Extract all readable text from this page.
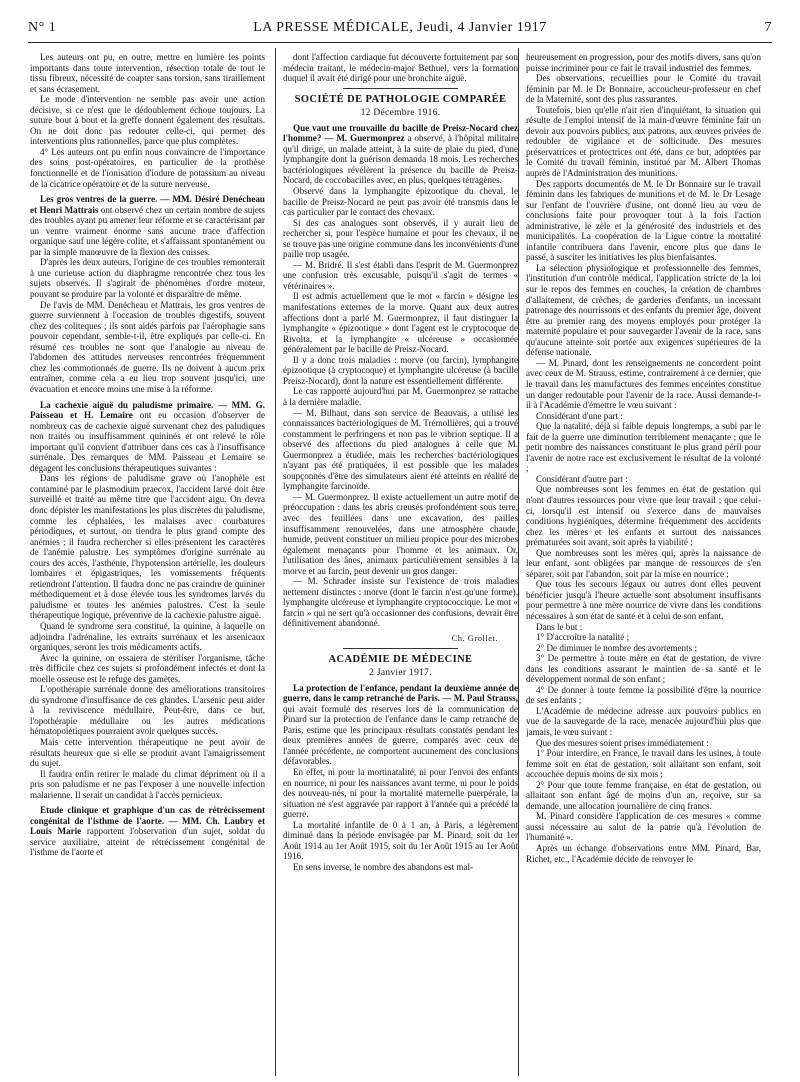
N° 1	LA PRESSE MÉDICALE, Jeudi, 4 Janvier 1917	7

Les auteurs ont pu, en outre, mettre en lumière les points importants dans toute intervention, résection totale de tout le tissu fibreux, nécessité de coapter sans torsion, sans tiraillement et sans écrasement.

Le mode d'intervention ne semble pas avoir une action décisive, si ce n'est que le dédoublement échoue toujours. La suture bout à bout et la greffe donnent également des résultats. On ne doit donc pas redouter celle-ci, qui permet des interventions plus rationnelles, parce que plus complètes.

4° Les auteurs ont pu enfin nous convaincre de l'importance des soins post-opératoires, en particulier de la prothèse fonctionnelle et de l'ionisation d'iodure de potassium au niveau de la cicatrice opératoire et de la suture nerveuse.

Les gros ventres de la guerre. — MM. Désiré Denécheau et Henri Mattrais ont observé chez un certain nombre de sujets des troubles ayant pu amener leur réforme et se caractérisant par un ventre vraiment énorme sans aucune trace d'affection organique sauf une légère colite, et s'affaissant spontanément ou par la simple manœuvre de la flexion des cuisses.

D'après les deux auteurs, l'origine de ces troubles remonterait à une curieuse action du diaphragme rencontrée chez tous les sujets observés. Il s'agirait de phénomènes d'ordre moteur, pouvant se produire par la volonté et disparaître de même.

De l'avis de MM. Denécheau et Mattrais, les gros ventres de guerre surviennent à l'occasion de troubles digestifs, souvent chez des coliteques ; ils sont aidés parfois par l'aérophagie sans pouvoir cependant, semble-t-il, être expliqués par celle-ci. En résumé ces troubles ne sont que l'analogie au niveau de l'abdomen des attitudes nerveuses rencontrées fréquemment chez les commotionnés de guerre. Ils ne doivent à aucun prix entraîner, comme cela a eu lieu trop souvent jusqu'ici, une évacuation et encore moins une mise à la réforme.

La cachexie aiguë du paludisme primaire. — MM. G. Paisseau et H. Lemaire ont eu occasion d'observer de nombreux cas de cachexie aiguë survenant chez des paludiques non traités ou insuffisamment quininés et ont relevé le rôle important qu'il convient d'attribuer dans ces cas à l'insuffisance surrénale. Des remarques de MM. Paisseau et Lemaire se dégagent les conclusions thérapeutiques suivantes :

Dans les régions de paludisme grave où l'anophèle est contaminé par le plasmodium praecox, l'accident larvé doit être surveillé et traité au même titre que l'accident aigu. On devra donc dépister les manifestations les plus discrètes du paludisme, comme les céphalées, les malaises avec courbatures périodiques, et surtout, on tiendra le plus grand compte des anémies ; il faudra rechercher si elles présentent les caractères de l'anémie palustre. Les symptômes d'origine surrénale au cours des accès, l'asthénie, l'hypotension artérielle, les douleurs lombaires et épigastriques, les vomissements fréquents retiendront l'attention. Il faudra donc ne pas craindre de quininer méthodiquement et à dose élevée tous les syndromes larvés du paludisme et toutes les anémies palustres. C'est la seule thérapeutique logique, préventive de la cachexie palustre aiguë.

Quand le syndrome sera constitué, la quinine, à laquelle on adjoindra l'adrénaline, les extraits surrénaux et les arsenicaux organiques, seront les trois médicaments actifs.

Avec la quinine, on essaiera de stériliser l'organisme, tâche très difficile chez ces sujets si profondément infectés et dont la moelle osseuse est le refuge des gamètes.

L'opothérapie surrénale donne des améliorations transitoires du syndrome d'insuffisance de ces glandes. L'arsenic peut aider à la reviviscence médullaire. Peut-être, dans ce but, l'opothérapie médullaire ou les autres médications hématopoïétiques pourraient avoir quelques succès.

Mais cette intervention thérapeutique ne peut avoir de résultats heureux que si elle se produit avant l'amaigrissement du sujet.

Il faudra enfin retirer le malade du climat dépriment où il a pris son paludisme et ne pas l'exposer à une nouvelle infection malarienne. Il serait un candidat à l'accès pernicieux.

Etude clinique et graphique d'un cas de rétrécissement congénital de l'isthme de l'aorte. — MM. Ch. Laubry et Louis Marie rapportent l'observation d'un sujet, soldat du service auxiliaire, atteint de rétrécissement congénital de l'isthme de l'aorte et

dont l'affection cardiaque fut découverte fortuitement par son médecin traitant, le médecin-major Bethuel, vers la formation duquel il avait été dirigé pour une bronchite aiguë.

SOCIÉTÉ DE PATHOLOGIE COMPARÉE
12 Décembre 1916.

Que vaut une trouvaille du bacille de Preisz-Nocard chez l'homme? — M. Guermonprez a observé, à l'hôpital militaire qu'il dirige, un malade atteint, à la suite de plaie du pied, d'une lymphangite dont la guérison demanda 18 mois. Les recherches bactériologiques révélèrent la présence du bacille de Preisz-Nocard, de coccobacilles avec, en plus, quelques tétragènes.

Observé dans la lymphangite épizootique du cheval, le bacille de Preisz-Nocard ne peut pas avoir été transmis dans le cas particulier par le contact des chevaux.

Si des cas analogues sont observés, il y aurait lieu de rechercher si, pour l'espèce humaine et pour les chevaux, il ne se trouve pas une origine commune dans les inconvénients d'une paille trop usagée.

— M. Bridré. Il s'est établi dans l'esprit de M. Guermonprez une confusion très excusable, puisqu'il s'agit de termes « vétérinaires ».

Il est admis actuellement que le mot « farcin » désigne les manifestations externes de la morve. Quant aux deux autres affections dont a parlé M. Guermonprez, il faut distinguer la lymphangite « épizootique » dont l'agent est le cryptocoque de Rivolta, et la lymphangite « ulcéreuse » occasionnée généralement par le bacille de Preisz-Nocard.

Il y a donc trois maladies : morve (ou farcin), lymphangite épizootique (à cryptocoque) et lymphangite ulcéreuse (à bacille Preisz-Nocard), dont la nature est essentiellement différente.

Le cas rapporté aujourd'hui par M. Guermonprez se rattache à la dernière maladie.

— M. Bilhaut, dans son service de Beauvais, a utilisé les connaissances bactériologiques de M. Trémollières, qui a trouvé constamment le perfringens et non pas le vibrion septique. Il a observé des affections du pied analogues à celle que M. Guermonprez a étudiée, mais les recherches bactériologiques n'ayant pas été pratiquées, il est possible que les malades soupçonnés d'être des simulateurs aient été atteints en réalité de lymphangite farcinoïde.

— M. Guermonprez. Il existe actuellement un autre motif de préoccupation : dans les abris creusés profondément sous terre, avec des feuillées dans une excavation, des pailles insuffisamment renouvelées, dans une atmosphère chaude, humide, peuvent constituer un milieu propice pour des microbes également menaçants pour l'homme et les animaux. Or, l'utilisation des ânes, animaux particulièrement sensibles à la morve et au farcin, peut devenir un gros danger.

— M. Schrader insiste sur l'existence de trois maladies nettement distinctes : morve (dont le farcin n'est qu'une forme), lymphangite ulcéreuse et lymphangite cryptococcique. Le mot « farcin » qui ne sert qu'à occasionner des confusions, devrait être définitivement abandonné.

Ch. Grollet.
ACADÉMIE DE MÉDECINE
2 Janvier 1917.

La protection de l'enfance, pendant la deuxième année de guerre, dans le camp retranché de Paris. — M. Paul Strauss, qui avait formulé des réserves lors de la communication de Pinard sur la protection de l'enfance dans le camp retranché de Paris, estime que les principaux résultats constatés pendant les deux premières années de guerre, comparés avec ceux de l'année précédente, ne comportent aucunement des conclusions défavorables.

En effet, ni pour la mortinatalité, ni pour l'envoi des enfants en nourrice, ni pour les naissances avant terme, ni pour le poids des nouveau-nés, ni pour la mortalité maternelle puerpérale, la situation ne s'est aggravée par rapport à l'année qui a précédé la guerre.

La mortalité infantile de 0 à 1 an, à Paris, a légèrement diminué dans la période envisagée par M. Pinard, soit du 1er Août 1914 au 1er Août 1915, soit du 1er Août 1915 au 1er Août 1916.

En sens inverse, le nombre des abandons est mal-

heureusement en progression, pour des motifs divers, sans qu'on puisse incriminer pour ce fait le travail industriel des femmes.

Des observations, recueillies pour le Comité du travail féminin par M. le Dr Bonnaire, accoucheur-professeur en chef de la Maternité, sont des plus rassurantes.

Toutefois, bien qu'elle n'ait rien d'inquiétant, la situation qui résulte de l'emploi intensif de la main-d'œuvre féminine fait un devoir aux pouvoirs publics, aux patrons, aux œuvres privées de redoubler de vigilance et de sollicitude. Des mesures préservatrices et protectrices ont été, dans ce but, adoptées par le Comité du travail féminin, institué par M. Albert Thomas auprès de l'Administration des munitions.

Des rapports documentés de M. le Dr Bonnaire sur le travail féminin dans les fabriques de munitions et de M. le Dr Lesage sur l'enfant de l'ouvrière d'usine, ont donné lieu au vœu de conclusions faite pour provoquer tout à la fois l'action administrative, le zèle et la générosité des industriels et des municipalités. La coopération de la Ligue contre la mortalité infantile contribuera dans l'avenir, encore plus que dans le passé, à susciter les initiatives les plus bienfaisantes.

La sélection physiologique et professionnelle des femmes, l'institution d'un contrôle médical, l'application stricte de la loi sur le repos des femmes en couches, la création de chambres d'allaitement, de crèches, de garderies d'enfants, un incessant patronage des nourrissons et des enfants du premier âge, doivent être au premier rang des moyens employés pour protéger la maternité populaire et pour sauvegarder l'avenir de la race, sans qu'aucune atteinte soit portée aux exigences supérieures de la défense nationale.

— M. Pinard, dont les renseignements ne concordent point avec ceux de M. Strauss, estime, contrairement à ce dernier, que le travail dans les manufactures des femmes enceintes constitue un danger redoutable pour l'avenir de la race. Aussi demande-t-il à l'Académie d'émettre le vœu suivant :

Considérant d'une part :

Que la natalité, déjà si faible depuis longtemps, a subi par le fait de la guerre une diminution terriblement menaçante ; que le petit nombre des naissances constituant le plus grand péril pour l'avenir de notre race est exclusivement le résultat de la volonté ;

Considérant d'autre part :

Que nombreuses sont les femmes en état de gestation qui n'ont d'autres ressources pour vivre que leur travail ; que celui-ci, lorsqu'il est intensif ou s'exerce dans de mauvaises conditions hygiéniques, détermine fréquemment des accidents chez les mères et les enfants et surtout des naissances prématurées soit avant, soit après la viabilité ;

Que nombreuses sont les mères qui, après la naissance de leur enfant, sont obligées par manque de ressources de s'en séparer, soit par l'abandon, soit par la mise en nourrice ;

Que tous les secours légaux ou autres dont elles peuvent bénéficier jusqu'à l'heure actuelle sont absolument insuffisants pour permettre à une mère nourrice de vivre dans les conditions nécessaires à son état de santé et à celui de son enfant.

Dans le but :

1° D'accroître la natalité ;

2° De diminuer le nombre des avortements ;

3° De permettre à toute mère en état de gestation, de vivre dans les conditions assurant le maintien de sa santé et le développement normal de son enfant ;

4° De donner à toute femme la possibilité d'être la nourrice de ses enfants ;

L'Académie de médecine adresse aux pouvoirs publics en vue de la sauvegarde de la race, menacée aujourd'hui plus que jamais, le vœu suivant :

Que des mesures soient prises immédiatement :

1° Pour interdire, en France, le travail dans les usines, à toute femme soit en état de gestation, soit allaitant son enfant, soit accouchée depuis moins de six mois ;

2° Pour que toute femme française, en état de gestation, ou allaitant son enfant âgé de moins d'un an, reçoive, sur sa demande, une allocation journalière de cinq francs.

M. Pinard considère l'application de ces mesures « comme aussi nécessaire au salut de la patrie qu'à l'évolution de l'humanité ».

Après un échange d'observations entre MM. Pinard, Bar, Richet, etc., l'Académie décide de renvoyer le
